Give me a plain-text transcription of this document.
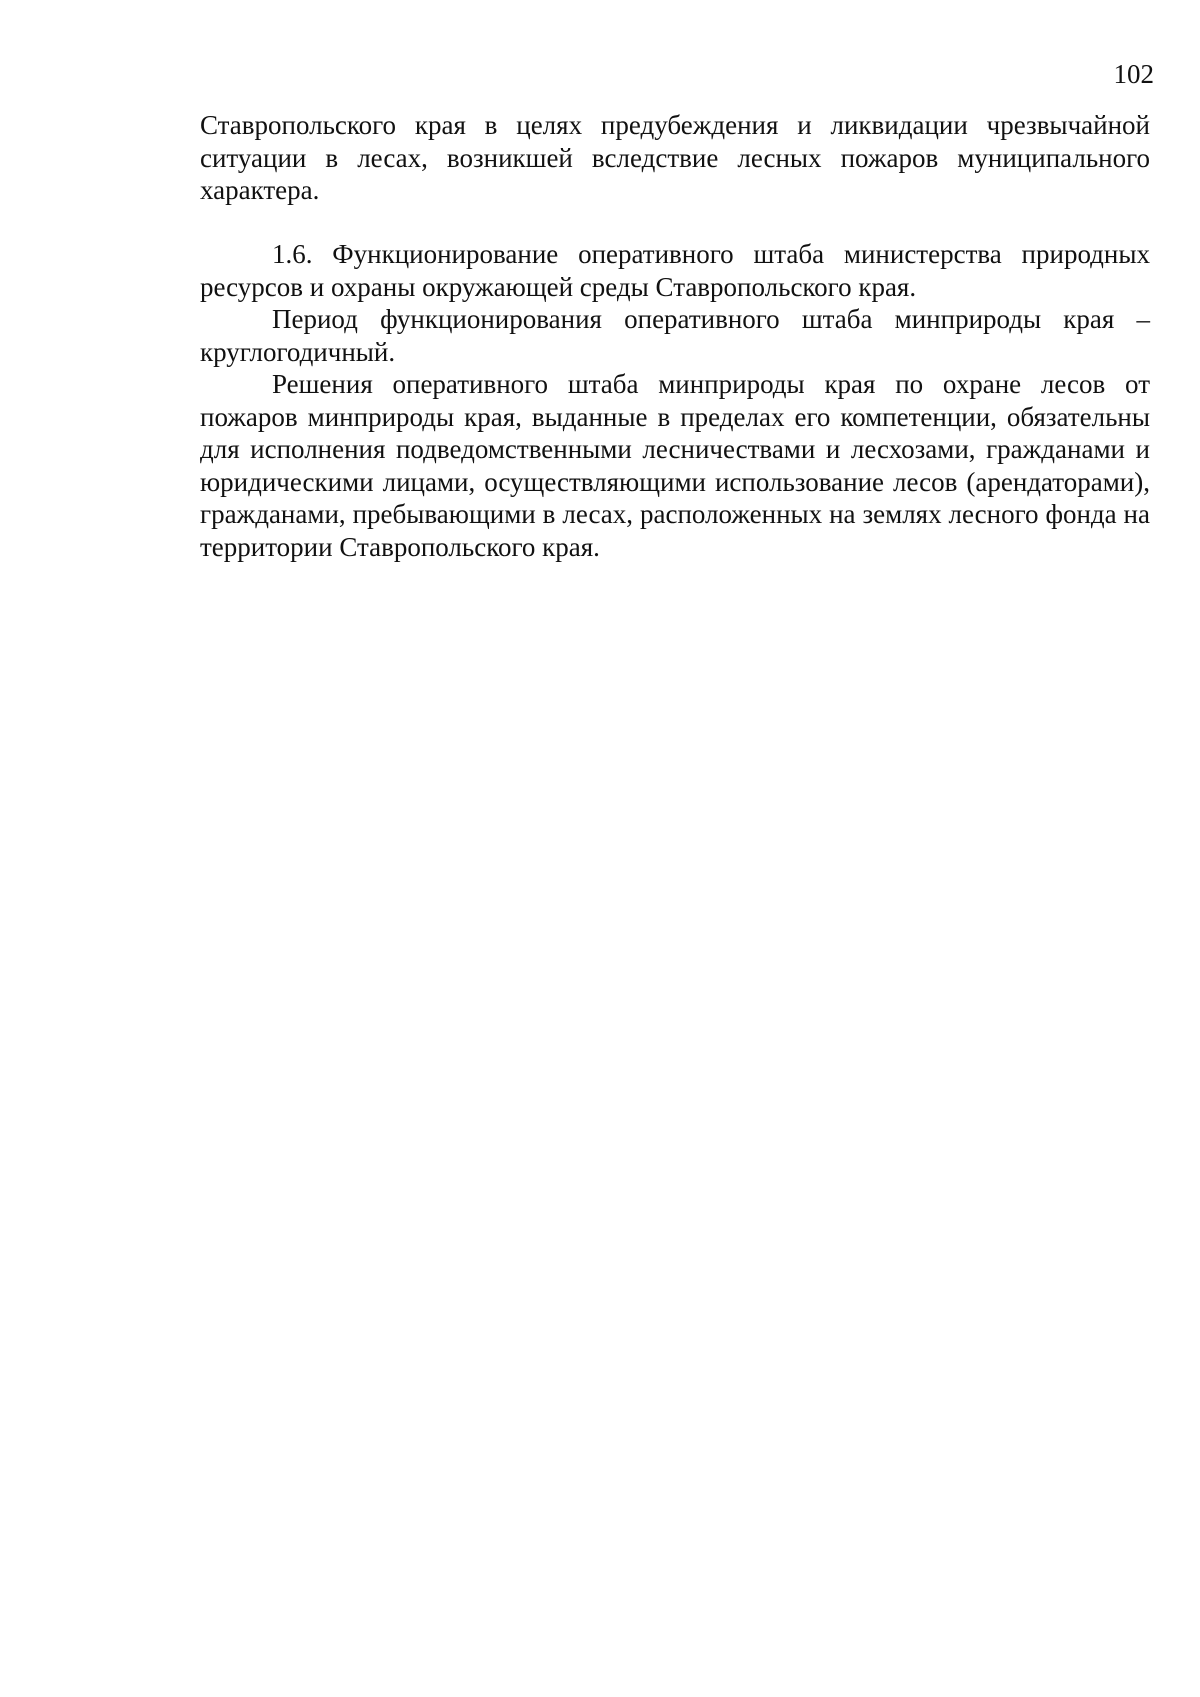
102

Ставропольского края в целях предубеждения и ликвидации чрезвычайной ситуации в лесах, возникшей вследствие лесных пожаров муниципального характера.

1.6. Функционирование оперативного штаба министерства природных ресурсов и охраны окружающей среды Ставропольского края.

Период функционирования оперативного штаба минприроды края – круглогодичный.

Решения оперативного штаба минприроды края по охране лесов от пожаров минприроды края, выданные в пределах его компетенции, обязательны для исполнения подведомственными лесничествами и лесхозами, гражданами и юридическими лицами, осуществляющими использование лесов (арендаторами), гражданами, пребывающими в лесах, расположенных на землях лесного фонда на территории Ставропольского края.
